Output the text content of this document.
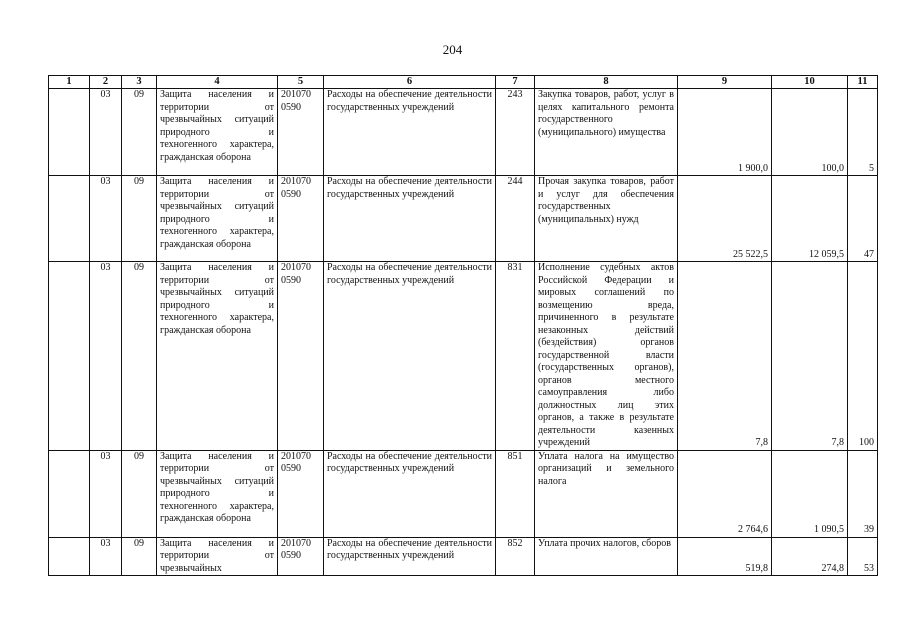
204
1	2	3	4	5	6	7	8	9	10	11
	03	09	Защита населения и территории от чрезвычайных ситуаций природного и техногенного характера, гражданская оборона	201070 0590	Расходы на обеспечение деятельности государственных учреждений	243	Закупка товаров, работ, услуг в целях капитального ремонта государственного (муниципального) имущества	1 900,0	100,0	5
	03	09	Защита населения и территории от чрезвычайных ситуаций природного и техногенного характера, гражданская оборона	201070 0590	Расходы на обеспечение деятельности государственных учреждений	244	Прочая закупка товаров, работ и услуг для обеспечения государственных (муниципальных) нужд	25 522,5	12 059,5	47
	03	09	Защита населения и территории от чрезвычайных ситуаций природного и техногенного характера, гражданская оборона	201070 0590	Расходы на обеспечение деятельности государственных учреждений	831	Исполнение судебных актов Российской Федерации и мировых соглашений по возмещению вреда, причиненного в результате незаконных действий (бездействия) органов государственной власти (государственных органов), органов местного самоуправления либо должностных лиц этих органов, а также в результате деятельности казенных учреждений	7,8	7,8	100
	03	09	Защита населения и территории от чрезвычайных ситуаций природного и техногенного характера, гражданская оборона	201070 0590	Расходы на обеспечение деятельности государственных учреждений	851	Уплата налога на имущество организаций и земельного налога	2 764,6	1 090,5	39
	03	09	Защита населения и территории от чрезвычайных	201070 0590	Расходы на обеспечение деятельности государственных учреждений	852	Уплата прочих налогов, сборов	519,8	274,8	53
